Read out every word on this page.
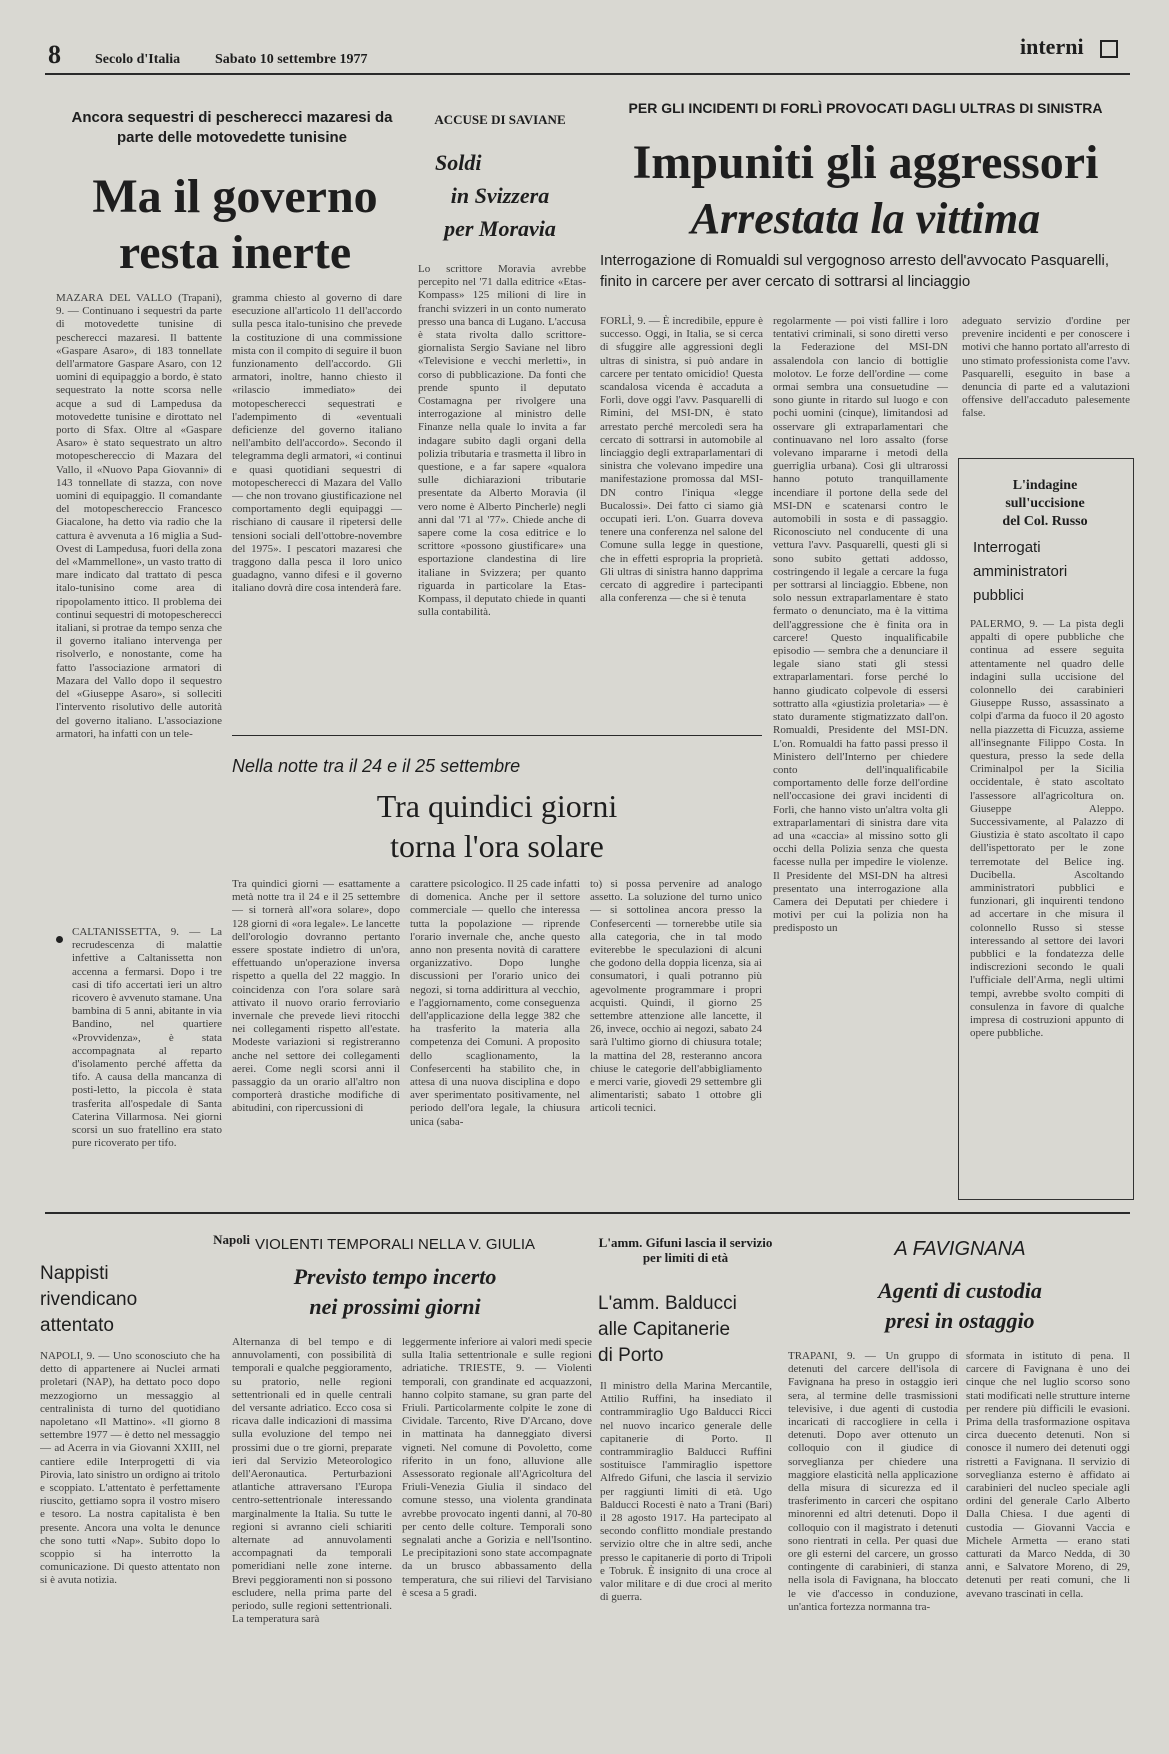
8 Secolo d'Italia Sabato 10 settembre 1977
interni
Ancora sequestri di pescherecci mazaresi da parte delle motovedette tunisine
Ma il governo
resta inerte
MAZARA DEL VALLO (Trapani), 9. — Continuano i sequestri da parte di motovedette tunisine di pescherecci mazaresi. Il battente «Gaspare Asaro», di 183 tonnellate dell'armatore Gaspare Asaro, con 12 uomini di equipaggio a bordo, è stato sequestrato la notte scorsa nelle acque a sud di Lampedusa da motovedette tunisine e dirottato nel porto di Sfax. Oltre al «Gaspare Asaro» è stato sequestrato un altro motopeschereccio di Mazara del Vallo, il «Nuovo Papa Giovanni» di 143 tonnellate di stazza, con nove uomini di equipaggio. Il comandante del motopeschereccio Francesco Giacalone, ha detto via radio che la cattura è avvenuta a 16 miglia a Sud-Ovest di Lampedusa, fuori della zona del «Mammellone», un vasto tratto di mare indicato dal trattato di pesca italo-tunisino come area di ripopolamento ittico. Il problema dei continui sequestri di motopescherecci italiani, si protrae da tempo senza che il governo italiano intervenga per risolverlo, e nonostante, come ha fatto l'associazione armatori di Mazara del Vallo dopo il sequestro del «Giuseppe Asaro», si solleciti l'intervento risolutivo delle autorità del governo italiano. L'associazione armatori, ha infatti con un tele-
gramma chiesto al governo di dare esecuzione all'articolo 11 dell'accordo sulla pesca italo-tunisino che prevede la costituzione di una commissione mista con il compito di seguire il buon funzionamento dell'accordo. Gli armatori, inoltre, hanno chiesto il «rilascio immediato» dei motopescherecci sequestrati e l'adempimento di «eventuali deficienze del governo italiano nell'ambito dell'accordo». Secondo il telegramma degli armatori, «i continui e quasi quotidiani sequestri di motopescherecci di Mazara del Vallo — che non trovano giustificazione nel comportamento degli equipaggi — rischiano di causare il ripetersi delle tensioni sociali dell'ottobre-novembre del 1975». I pescatori mazaresi che traggono dalla pesca il loro unico guadagno, vanno difesi e il governo italiano dovrà dire cosa intenderà fare.
CALTANISSETTA, 9. — La recrudescenza di malattie infettive a Caltanissetta non accenna a fermarsi. Dopo i tre casi di tifo accertati ieri un altro ricovero è avvenuto stamane. Una bambina di 5 anni, abitante in via Bandino, nel quartiere «Provvidenza», è stata accompagnata al reparto d'isolamento perché affetta da tifo. A causa della mancanza di posti-letto, la piccola è stata trasferita all'ospedale di Santa Caterina Villarmosa. Nei giorni scorsi un suo fratellino era stato pure ricoverato per tifo.
ACCUSE DI SAVIANE
Soldi
in Svizzera
per Moravia
Lo scrittore Moravia avrebbe percepito nel '71 dalla editrice «Etas-Kompass» 125 milioni di lire in franchi svizzeri in un conto numerato presso una banca di Lugano. L'accusa è stata rivolta dallo scrittore-giornalista Sergio Saviane nel libro «Televisione e vecchi merletti», in corso di pubblicazione. Da fonti che prende spunto il deputato Costamagna per rivolgere una interrogazione al ministro delle Finanze nella quale lo invita a far indagare subito dagli organi della polizia tributaria e trasmetta il libro in questione, e a far sapere «qualora sulle dichiarazioni tributarie presentate da Alberto Moravia (il vero nome è Alberto Pincherle) negli anni dal '71 al '77». Chiede anche di sapere come la cosa editrice e lo scrittore «possono giustificare» una esportazione clandestina di lire italiane in Svizzera; per quanto riguarda in particolare la Etas-Kompass, il deputato chiede in quanti sulla contabilità.
PER GLI INCIDENTI DI FORLÌ PROVOCATI DAGLI ULTRAS DI SINISTRA
Impuniti gli aggressori
Arrestata la vittima
Interrogazione di Romualdi sul vergognoso arresto dell'avvocato Pasquarelli, finito in carcere per aver cercato di sottrarsi al linciaggio
FORLÌ, 9. — È incredibile, eppure è successo. Oggi, in Italia, se si cerca di sfuggire alle aggressioni degli ultras di sinistra, si può andare in carcere per tentato omicidio! Questa scandalosa vicenda è accaduta a Forlì, dove oggi l'avv. Pasquarelli di Rimini, del MSI-DN, è stato arrestato perché mercoledì sera ha cercato di sottrarsi in automobile al linciaggio degli extraparlamentari di sinistra che volevano impedire una manifestazione promossa dal MSI-DN contro l'iniqua «legge Bucalossi». Dei fatto ci siamo già occupati ieri. L'on. Guarra doveva tenere una conferenza nel salone del Comune sulla legge in questione, che in effetti espropria la proprietà. Gli ultras di sinistra hanno dapprima cercato di aggredire i partecipanti alla conferenza — che si è tenuta
regolarmente — poi visti fallire i loro tentativi criminali, si sono diretti verso la Federazione del MSI-DN assalendola con lancio di bottiglie molotov. Le forze dell'ordine — come ormai sembra una consuetudine — sono giunte in ritardo sul luogo e con pochi uomini (cinque), limitandosi ad osservare gli extraparlamentari che continuavano nel loro assalto (forse volevano impararne i metodi della guerriglia urbana). Così gli ultrarossi hanno potuto tranquillamente incendiare il portone della sede del MSI-DN e scatenarsi contro le automobili in sosta e di passaggio. Riconosciuto nel conducente di una vettura l'avv. Pasquarelli, questi gli si sono subito gettati addosso, costringendo il legale a cercare la fuga per sottrarsi al linciaggio. Ebbene, non solo nessun extraparlamentare è stato fermato o denunciato, ma è la vittima dell'aggressione che è finita ora in carcere! Questo inqualificabile episodio — sembra che a denunciare il legale siano stati gli stessi extraparlamentari. forse perché lo hanno giudicato colpevole di essersi sottratto alla «giustizia proletaria» — è stato duramente stigmatizzato dall'on. Romualdi, Presidente del MSI-DN. L'on. Romualdi ha fatto passi presso il Ministero dell'Interno per chiedere conto dell'inqualificabile comportamento delle forze dell'ordine nell'occasione dei gravi incidenti di Forlì, che hanno visto un'altra volta gli extraparlamentari di sinistra dare vita ad una «caccia» al missino sotto gli occhi della Polizia senza che questa facesse nulla per impedire le violenze. Il Presidente del MSI-DN ha altresì presentato una interrogazione alla Camera dei Deputati per chiedere i motivi per cui la polizia non ha predisposto un
adeguato servizio d'ordine per prevenire incidenti e per conoscere i motivi che hanno portato all'arresto di uno stimato professionista come l'avv. Pasquarelli, eseguito in base a denuncia di parte ed a valutazioni offensive dell'accaduto palesemente false.
L'indagine
sull'uccisione
del Col. Russo
Interrogati
amministratori
pubblici
PALERMO, 9. — La pista degli appalti di opere pubbliche che continua ad essere seguita attentamente nel quadro delle indagini sulla uccisione del colonnello dei carabinieri Giuseppe Russo, assassinato a colpi d'arma da fuoco il 20 agosto nella piazzetta di Ficuzza, assieme all'insegnante Filippo Costa. In questura, presso la sede della Criminalpol per la Sicilia occidentale, è stato ascoltato l'assessore all'agricoltura on. Giuseppe Aleppo. Successivamente, al Palazzo di Giustizia è stato ascoltato il capo dell'ispettorato per le zone terremotate del Belice ing. Ducibella. Ascoltando amministratori pubblici e funzionari, gli inquirenti tendono ad accertare in che misura il colonnello Russo si stesse interessando al settore dei lavori pubblici e la fondatezza delle indiscrezioni secondo le quali l'ufficiale dell'Arma, negli ultimi tempi, avrebbe svolto compiti di consulenza in favore di qualche impresa di costruzioni appunto di opere pubbliche.
Nella notte tra il 24 e il 25 settembre
Tra quindici giorni
torna l'ora solare
Tra quindici giorni — esattamente a metà notte tra il 24 e il 25 settembre — si tornerà all'«ora solare», dopo 128 giorni di «ora legale». Le lancette dell'orologio dovranno pertanto essere spostate indietro di un'ora, effettuando un'operazione inversa rispetto a quella del 22 maggio. In coincidenza con l'ora solare sarà attivato il nuovo orario ferroviario invernale che prevede lievi ritocchi nei collegamenti rispetto all'estate. Modeste variazioni si registreranno anche nel settore dei collegamenti aerei. Come negli scorsi anni il passaggio da un orario all'altro non comporterà drastiche modifiche di abitudini, con ripercussioni di
carattere psicologico. Il 25 cade infatti di domenica. Anche per il settore commerciale — quello che interessa tutta la popolazione — riprende l'orario invernale che, anche questo anno non presenta novità di carattere organizzativo. Dopo lunghe discussioni per l'orario unico dei negozi, si torna addirittura al vecchio, e l'aggiornamento, come conseguenza dell'applicazione della legge 382 che ha trasferito la materia alla competenza dei Comuni. A proposito dello scaglionamento, la Confesercenti ha stabilito che, in attesa di una nuova disciplina e dopo aver sperimentato positivamente, nel periodo dell'ora legale, la chiusura unica (saba-
to) si possa pervenire ad analogo assetto. La soluzione del turno unico — si sottolinea ancora presso la Confesercenti — tornerebbe utile sia alla categoria, che in tal modo eviterebbe le speculazioni di alcuni che godono della doppia licenza, sia ai consumatori, i quali potranno più agevolmente programmare i propri acquisti. Quindi, il giorno 25 settembre attenzione alle lancette, il 26, invece, occhio ai negozi, sabato 24 sarà l'ultimo giorno di chiusura totale; la mattina del 28, resteranno ancora chiuse le categorie dell'abbigliamento e merci varie, giovedì 29 settembre gli alimentaristi; sabato 1 ottobre gli articoli tecnici.
Napoli
Nappisti
rivendicano
attentato
NAPOLI, 9. — Uno sconosciuto che ha detto di appartenere ai Nuclei armati proletari (NAP), ha dettato poco dopo mezzogiorno un messaggio al centralinista di turno del quotidiano napoletano «Il Mattino». «Il giorno 8 settembre 1977 — è detto nel messaggio — ad Acerra in via Giovanni XXIII, nel cantiere edile Interprogetti di via Pirovia, lato sinistro un ordigno ai tritolo e scoppiato. L'attentato è perfettamente riuscito, gettiamo sopra il vostro misero e tesoro. La nostra capitalista è ben presente. Ancora una volta le denunce che sono tutti «Nap». Subito dopo lo scoppio si ha interrotto la comunicazione. Di questo attentato non si è avuta notizia.
VIOLENTI TEMPORALI NELLA V. GIULIA
Previsto tempo incerto
nei prossimi giorni
Alternanza di bel tempo e di annuvolamenti, con possibilità di temporali e qualche peggioramento, su pratorio, nelle regioni settentrionali ed in quelle centrali del versante adriatico. Ecco cosa si ricava dalle indicazioni di massima sulla evoluzione del tempo nei prossimi due o tre giorni, preparate ieri dal Servizio Meteorologico dell'Aeronautica. Perturbazioni atlantiche attraversano l'Europa centro-settentrionale interessando marginalmente la Italia. Su tutte le regioni si avranno cieli schiariti alternate ad annuvolamenti accompagnati da temporali pomeridiani nelle zone interne. Brevi peggioramenti non si possono escludere, nella prima parte del periodo, sulle regioni settentrionali. La temperatura sarà
leggermente inferiore ai valori medi specie sulla Italia settentrionale e sulle regioni adriatiche. TRIESTE, 9. — Violenti temporali, con grandinate ed acquazzoni, hanno colpito stamane, su gran parte del Friuli. Particolarmente colpite le zone di Cividale. Tarcento, Rive D'Arcano, dove in mattinata ha danneggiato diversi vigneti. Nel comune di Povoletto, come riferito in un fono, alluvione alle Assessorato regionale all'Agricoltura del Friuli-Venezia Giulia il sindaco del comune stesso, una violenta grandinata avrebbe provocato ingenti danni, al 70-80 per cento delle colture. Temporali sono segnalati anche a Gorizia e nell'Isontino. Le precipitazioni sono state accompagnate da un brusco abbassamento della temperatura, che sui rilievi del Tarvisiano è scesa a 5 gradi.
L'amm. Gifuni lascia il servizio per limiti di età
L'amm. Balducci
alle Capitanerie
di Porto
Il ministro della Marina Mercantile, Attilio Ruffini, ha insediato il contrammiraglio Ugo Balducci Ricci nel nuovo incarico generale delle capitanerie di Porto. Il contrammiraglio Balducci Ruffini sostituisce l'ammiraglio ispettore Alfredo Gifuni, che lascia il servizio per raggiunti limiti di età. Ugo Balducci Rocesti è nato a Trani (Bari) il 28 agosto 1917. Ha partecipato al secondo conflitto mondiale prestando servizio oltre che in altre sedi, anche presso le capitanerie di porto di Tripoli e Tobruk. È insignito di una croce al valor militare e di due croci al merito di guerra.
A FAVIGNANA
Agenti di custodia
presi in ostaggio
TRAPANI, 9. — Un gruppo di detenuti del carcere dell'isola di Favignana ha preso in ostaggio ieri sera, al termine delle trasmissioni televisive, i due agenti di custodia incaricati di raccogliere in cella i detenuti. Dopo aver ottenuto un colloquio con il giudice di sorveglianza per chiedere una maggiore elasticità nella applicazione della misura di sicurezza ed il trasferimento in carceri che ospitano minorenni ed altri detenuti. Dopo il colloquio con il magistrato i detenuti sono rientrati in cella. Per quasi due ore gli esterni del carcere, un grosso contingente di carabinieri, di stanza nella isola di Favignana, ha bloccato le vie d'accesso in conduzione, un'antica fortezza normanna tra-
sformata in istituto di pena. Il carcere di Favignana è uno dei cinque che nel luglio scorso sono stati modificati nelle strutture interne per rendere più difficili le evasioni. Prima della trasformazione ospitava circa duecento detenuti. Non si conosce il numero dei detenuti oggi ristretti a Favignana. Il servizio di sorveglianza esterno è affidato ai carabinieri del nucleo speciale agli ordini del generale Carlo Alberto Dalla Chiesa. I due agenti di custodia — Giovanni Vaccia e Michele Armetta — erano stati catturati da Marco Nedda, di 30 anni, e Salvatore Moreno, di 29, detenuti per reati comuni, che li avevano trascinati in cella.
